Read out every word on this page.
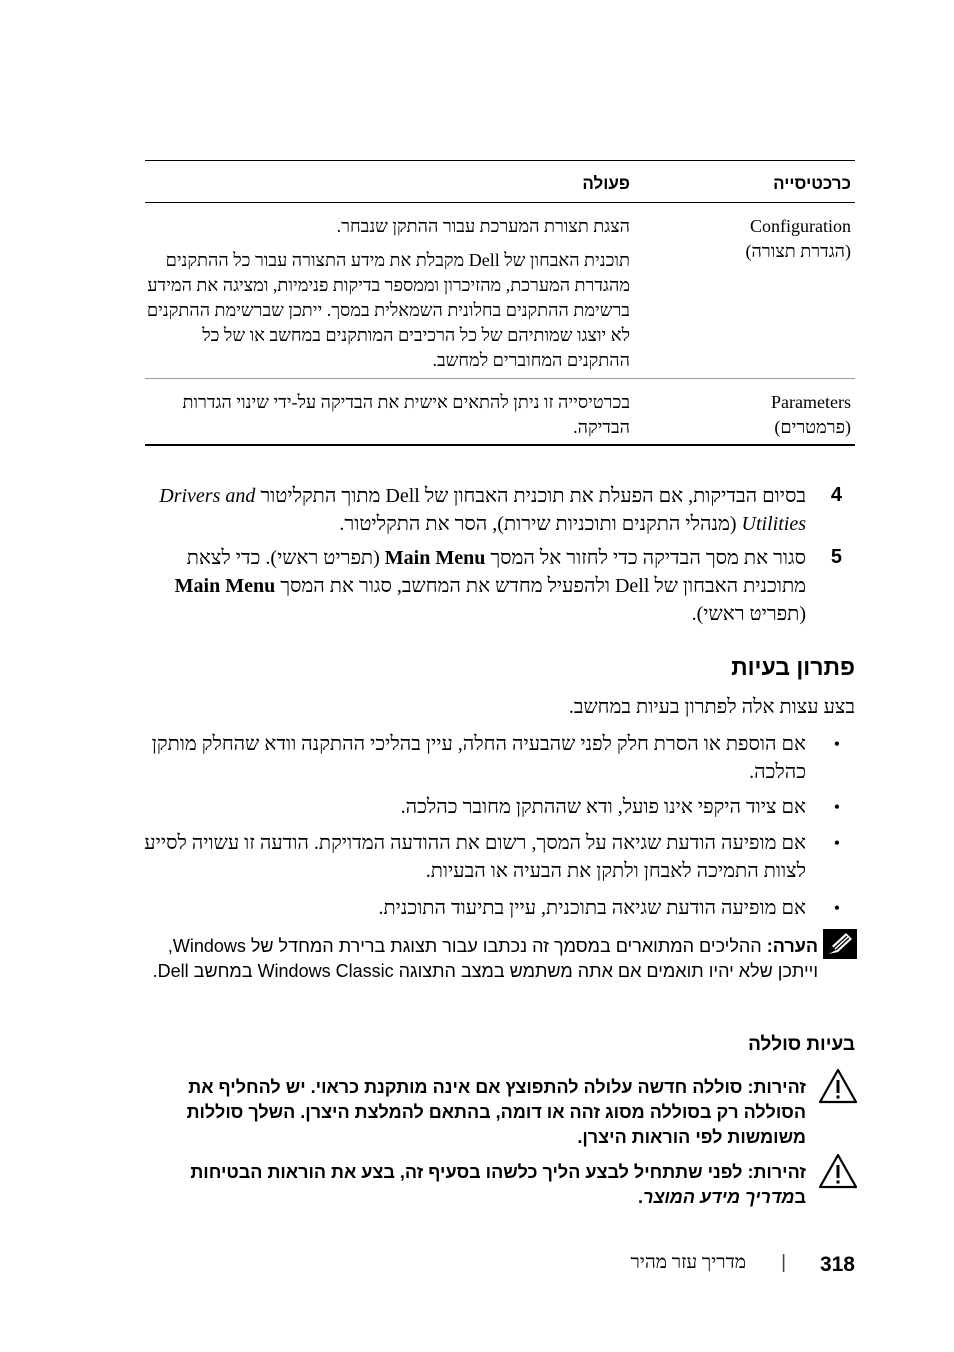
כרכטיסייה
פעולה
Configuration
(הגדרת תצורה)

הצגת תצורת המערכת עבור ההתקן שנבחר.

תוכנית האבחון של Dell מקבלת את מידע התצורה עבור כל ההתקנים מהגדרת המערכת, מהזיכרון וממספר בדיקות פנימיות, ומציגה את המידע ברשימת ההתקנים בחלונית השמאלית במסך. ייתכן שברשימת ההתקנים לא יוצגו שמותיהם של כל הרכיבים המותקנים במחשב או של כל ההתקנים המחוברים למחשב.

Parameters
(פרמטרים)

בכרטיסייה זו ניתן להתאים אישית את הבדיקה על-ידי שינוי הגדרות הבדיקה.

4
בסיום הבדיקות, אם הפעלת את תוכנית האבחון של Dell מתוך התקליטור Drivers and Utilities (מנהלי התקנים ותוכניות שירות), הסר את התקליטור.
5
סגור את מסך הבדיקה כדי לחזור אל המסך Main Menu (תפריט ראשי). כדי לצאת מתוכנית האבחון של Dell ולהפעיל מחדש את המחשב, סגור את המסך Main Menu (תפריט ראשי).
פתרון בעיות
בצע עצות אלה לפתרון בעיות במחשב.
•
אם הוספת או הסרת חלק לפני שהבעיה החלה, עיין בהליכי ההתקנה וודא שהחלק מותקן כהלכה.
•
אם ציוד היקפי אינו פועל, ודא שההתקן מחובר כהלכה.
•
אם מופיעה הודעת שגיאה על המסך, רשום את ההודעה המדויקת. הודעה זו עשויה לסייע לצוות התמיכה לאבחן ולתקן את הבעיה או הבעיות.
•
אם מופיעה הודעת שגיאה בתוכנית, עיין בתיעוד התוכנית.
הערה: ההליכים המתוארים במסמך זה נכתבו עבור תצוגת ברירת המחדל של Windows, וייתכן שלא יהיו תואמים אם אתה משתמש במצב התצוגה Windows Classic במחשב Dell.
בעיות סוללה
זהירות: סוללה חדשה עלולה להתפוצץ אם אינה מותקנת כראוי. יש להחליף את הסוללה רק בסוללה מסוג זהה או דומה, בהתאם להמלצת היצרן. השלך סוללות משומשות לפי הוראות היצרן.
זהירות: לפני שתתחיל לבצע הליך כלשהו בסעיף זה, בצע את הוראות הבטיחות במדריך מידע המוצר.
318
|
מדריך עזר מהיר
